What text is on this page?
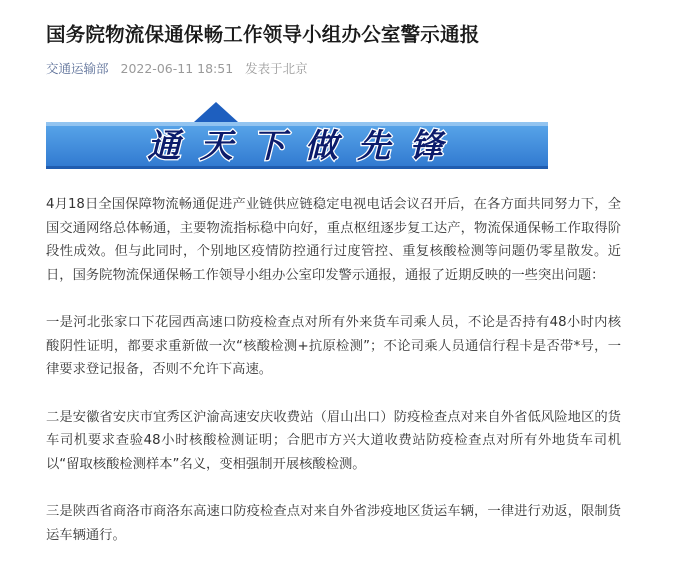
国务院物流保通保畅工作领导小组办公室警示通报
交通运输部 2022-06-11 18:51 发表于北京
通 天 下 做 先 锋

4月18日全国保障物流畅通促进产业链供应链稳定电视电话会议召开后，在各方面共同努力下，全国交通网络总体畅通，主要物流指标稳中向好，重点枢纽逐步复工达产，物流保通保畅工作取得阶段性成效。但与此同时，个别地区疫情防控通行过度管控、重复核酸检测等问题仍零星散发。近日，国务院物流保通保畅工作领导小组办公室印发警示通报，通报了近期反映的一些突出问题：

一是河北张家口下花园西高速口防疫检查点对所有外来货车司乘人员，不论是否持有48小时内核酸阴性证明，都要求重新做一次“核酸检测+抗原检测”；不论司乘人员通信行程卡是否带*号，一律要求登记报备，否则不允许下高速。

二是安徽省安庆市宜秀区沪渝高速安庆收费站（眉山出口）防疫检查点对来自外省低风险地区的货车司机要求查验48小时核酸检测证明；合肥市方兴大道收费站防疫检查点对所有外地货车司机以“留取核酸检测样本”名义，变相强制开展核酸检测。

三是陕西省商洛市商洛东高速口防疫检查点对来自外省涉疫地区货运车辆，一律进行劝返，限制货运车辆通行。
